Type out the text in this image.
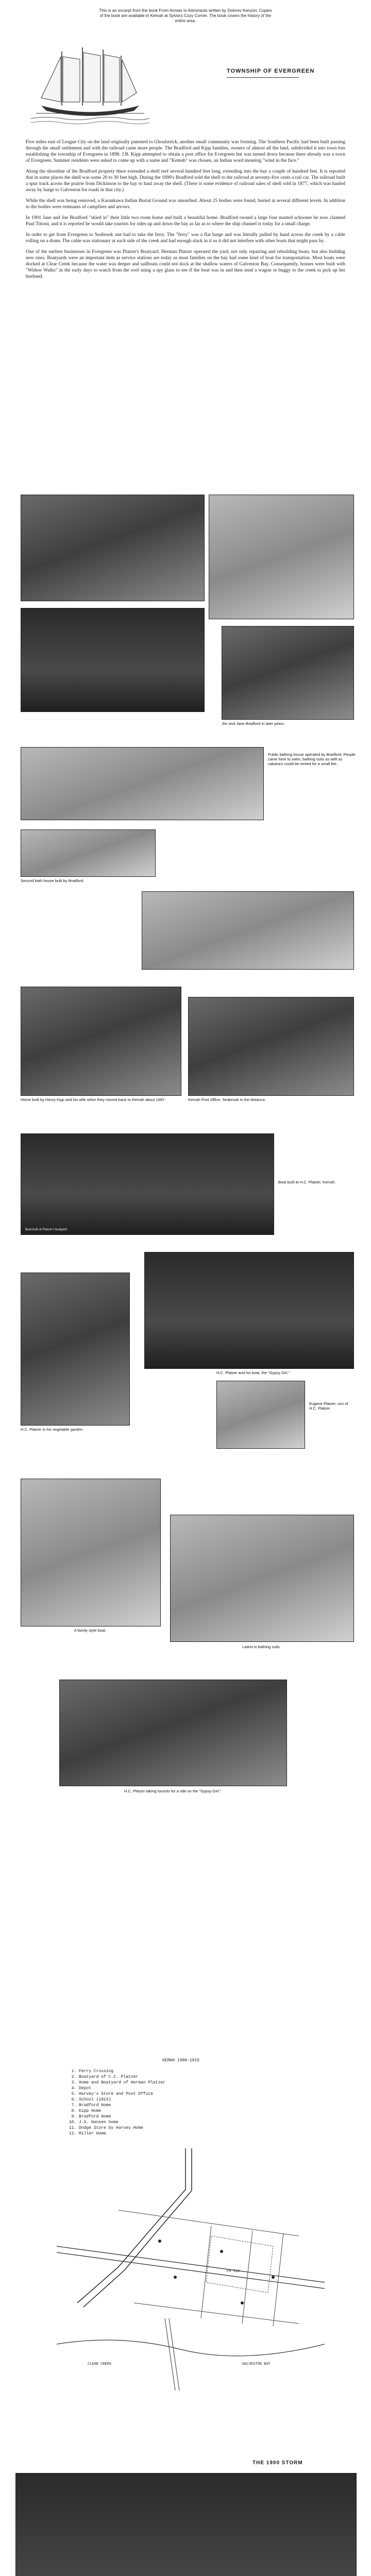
This is an excerpt from the book From Arrows to Astronauts written by Dolores Kenyon. Copies of the book are available in Kemah at Sylvia's Cozy Corner. The book covers the history of the entire area.
TOWNSHIP OF EVERGREEN

Five miles east of League City on the land originally patented to Ghoulstrick, another small community was forming. The Southern Pacific had been built passing through the small settlement and with the railroad came more people. The Bradford and Kipp families, owners of almost all the land, subdivided it into town lots establishing the township of Evergreen in 1898. J.B. Kipp attempted to obtain a post office for Evergreen but was turned down because there already was a town of Evergreen. Summer residents were asked to come up with a name and "Kemah" was chosen, an Indian word meaning "wind in the face."

Along the shoreline of the Bradford property there extended a shell reef several hundred feet long, extending into the bay a couple of hundred feet. It is reported that in some places the shell was some 20 to 30 feet high. During the 1890's Bradford sold the shell to the railroad at seventy-five cents a rail car. The railroad built a spur track across the prairie from Dickinson to the bay to haul away the shell. (There is some evidence of railroad sales of shell sold in 1877, which was hauled away by barge to Galveston for roads in that city.)

While the shell was being removed, a Karankawa Indian Burial Ground was unearthed. About 25 bodies were found, buried at several different levels. In addition to the bodies were remnants of campfires and arrows.

In 1901 Jane and Joe Bradford "skied in" their little two room home and built a beautiful home. Bradford owned a large four masted schooner he now claimed Paul Tittoni, and it is reported he would take tourists for rides up and down the bay as far as to where the ship channel is today for a small charge.

In order to get from Evergreen to Seabrook one had to take the ferry. The "ferry" was a flat barge and was literally pulled by hand across the creek by a cable rolling on a drum. The cable was stationary at each side of the creek and had enough slack in it so it did not interfere with other boats that might pass by.

One of the earliest businesses in Evergreen was Platzer's Boatyard. Herman Platzer operated the yard, not only repairing and rebuilding boats, but also building new ones. Boatyards were an important item as service stations are today as most families on the bay had some kind of boat for transportation. Most boats were docked at Clear Creek because the water was deeper and sailboats could not dock at the shallow waters of Galveston Bay. Consequently, houses were built with "Widow Walks" in the early days to watch from the roof using a spy glass to see if the boat was in and then send a wagon or buggy to the creek to pick up her husband.

Jim and Jane Bradford in later years.
Public bathing house operated by Bradford. People came here to swim, bathing suits as well as cabana's could be rented for a small fee.
Second bath house built by Bradford.
Home built by Henry Kipp and his wife when they moved back to Kemah about 1897.	Kemah Post Office. Seabrook in the distance.
Boat built at Platzer's boatyard
Boat built at H.C. Platzer, Kemah.
H.C. Platzer in his vegetable garden.
H.C. Platzer and his boat, the "Gypsy Girl."
Eugene Platzer, son of H.C. Platzer.
A family style boat.
Latest in bathing suits.
H.C. Platzer taking tourists for a ride on the "Gypsy Girl."
KEMAH 1900-1915
1. Ferry Crossing
2. Boatyard of C.C. Platzer
3. Home and Boatyard of Herman Platzer
4. Depot
5. Harvey's Store and Post Office
6. School (1913)
7. Bradford Home
8. Kipp Home
9. Bradford Home
10. J.S. Hansen home
11. Dodge Store by Harvey Home
12. Miller Home
FM 518
CLEAR CREEK	GALVESTON BAY
THE 1900 STORM
